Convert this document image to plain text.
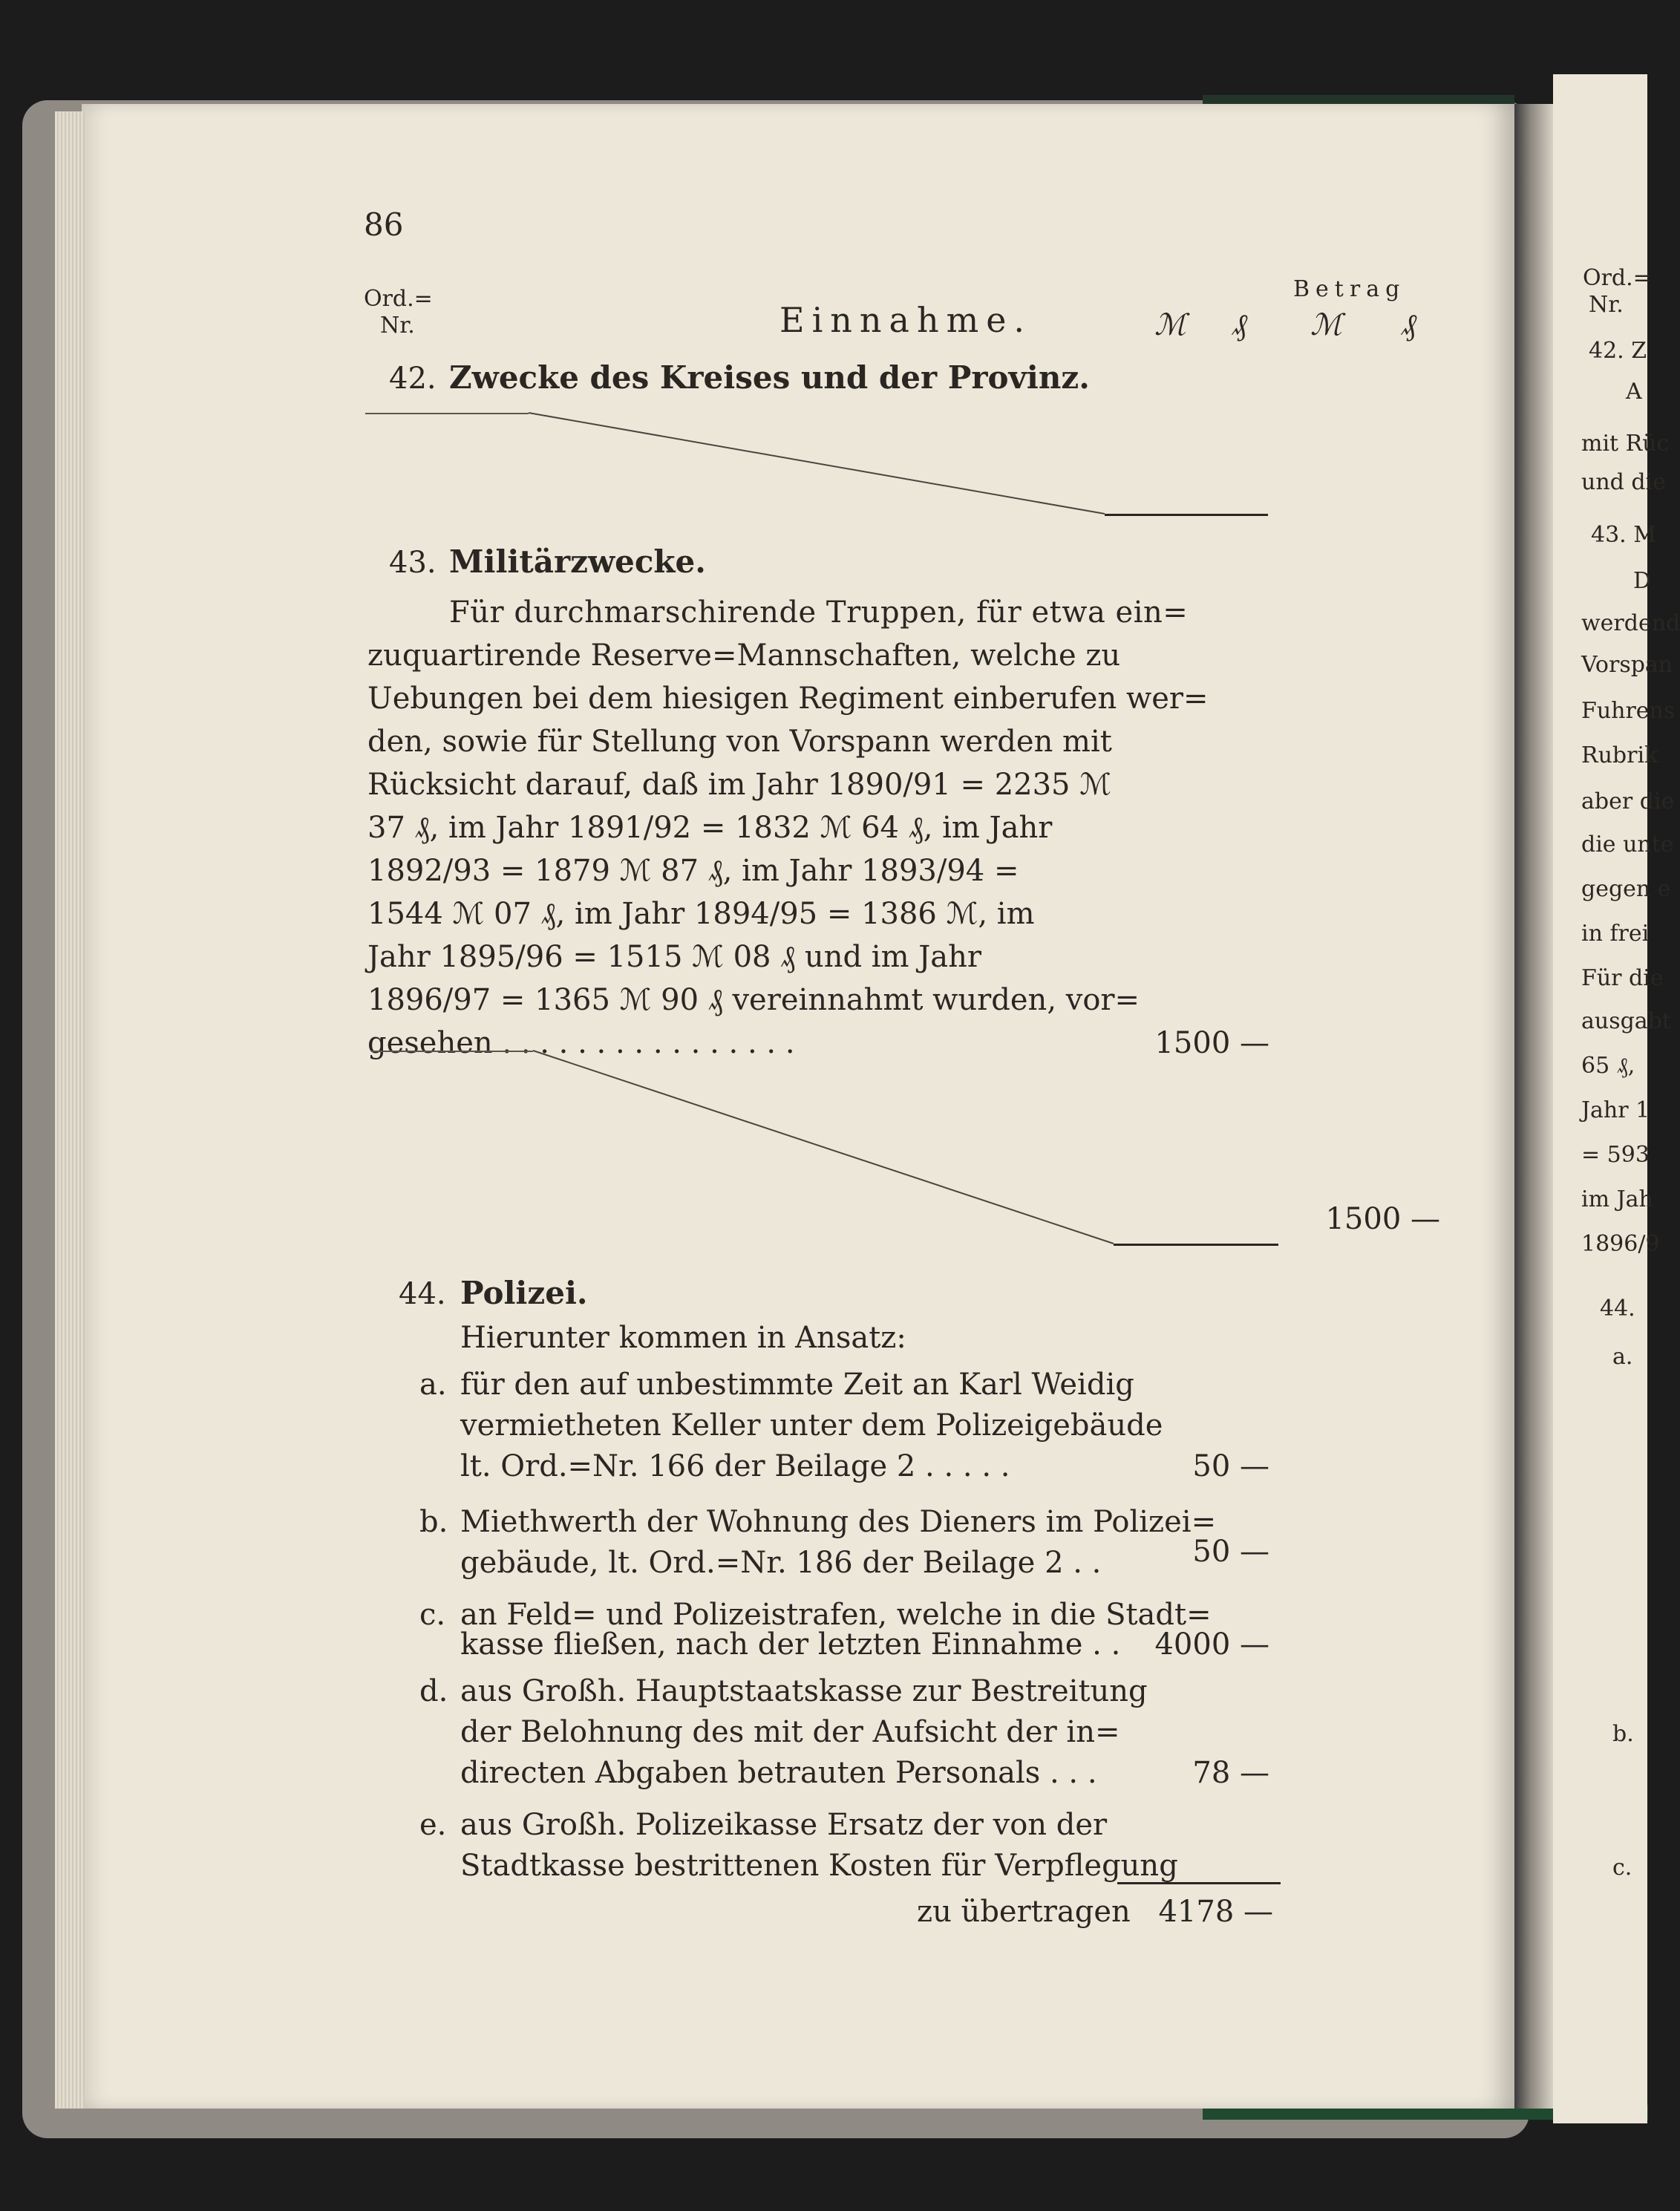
86
Ord.=
Nr.	Einnahme.
Betrag
ℳ ₰ ℳ ₰
42. Zwecke des Kreises und der Provinz.
43. Militärzwecke.
Für durchmarschirende Truppen, für etwa ein=
zuquartirende Reserve=Mannschaften, welche zu
Uebungen bei dem hiesigen Regiment einberufen wer=
den, sowie für Stellung von Vorspann werden mit
Rücksicht darauf, daß im Jahr 1890/91 = 2235 ℳ
37 ₰, im Jahr 1891/92 = 1832 ℳ 64 ₰, im Jahr
1892/93 = 1879 ℳ 87 ₰, im Jahr 1893/94 =
1544 ℳ 07 ₰, im Jahr 1894/95 = 1386 ℳ, im
Jahr 1895/96 = 1515 ℳ 08 ₰ und im Jahr
1896/97 = 1365 ℳ 90 ₰ vereinnahmt wurden, vor=
gesehen . . . . . . . . . . . . . . . .	1500 —
1500 —
44. Polizei.
Hierunter kommen in Ansatz:
a. für den auf unbestimmte Zeit an Karl Weidig
vermietheten Keller unter dem Polizeigebäude
lt. Ord.=Nr. 166 der Beilage 2 . . . . .	50 —
b. Miethwerth der Wohnung des Dieners im Polizei=
gebäude, lt. Ord.=Nr. 186 der Beilage 2 . .	50 —
c. an Feld= und Polizeistrafen, welche in die Stadt=
kasse fließen, nach der letzten Einnahme . .	4000 —
d. aus Großh. Hauptstaatskasse zur Bestreitung
der Belohnung des mit der Aufsicht der in=
directen Abgaben betrauten Personals . . .	78 —
e. aus Großh. Polizeikasse Ersatz der von der
Stadtkasse bestrittenen Kosten für Verpflegung
zu übertragen 4178 —
Ord.=
Nr.
42. Z
A
mit Rüc
und die
43. M
D
werdend
Vorspan
Fuhrens
Rubrik
aber die
die unte
gegen e
in frei
Für die
ausgabt
65 ₰,
Jahr 1
= 593
im Jah
1896/9
44.
a.
b.
c.
